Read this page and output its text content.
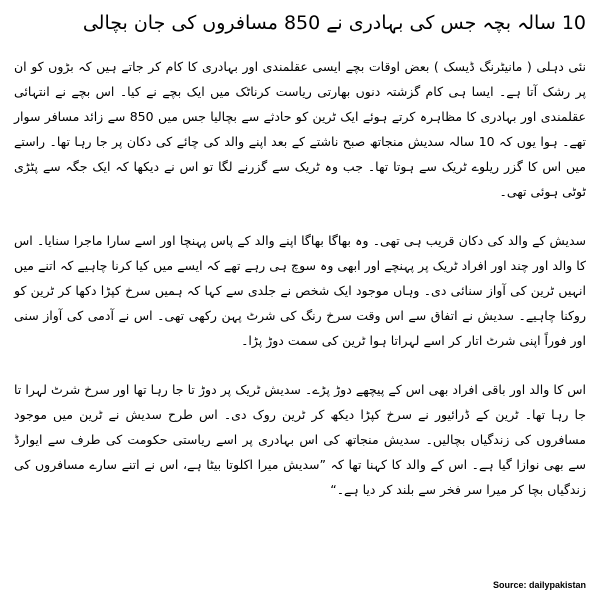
10 سالہ بچہ جس کی بہادری نے 850 مسافروں کی جان بچالی

نئی دہلی ( مانیٹرنگ ڈیسک ) بعض اوقات بچے ایسی عقلمندی اور بہادری کا کام کر جاتے ہیں کہ بڑوں کو ان پر رشک آتا ہے۔ ایسا ہی کام گزشتہ دنوں بھارتی ریاست کرناٹک میں ایک بچے نے کیا۔ اس بچے نے انتہائی عقلمندی اور بہادری کا مظاہرہ کرتے ہوئے ایک ٹرین کو حادثے سے بچالیا جس میں 850 سے زائد مسافر سوار تھے۔ ہوا یوں کہ 10 سالہ سدیش منجاتھ صبح ناشتے کے بعد اپنے والد کی چائے کی دکان پر جا رہا تھا۔ راستے میں اس کا گزر ریلوے ٹریک سے ہوتا تھا۔ جب وہ ٹریک سے گزرنے لگا تو اس نے دیکھا کہ ایک جگہ سے پٹڑی ٹوٹی ہوئی تھی۔

سدیش کے والد کی دکان قریب ہی تھی۔ وہ بھاگا بھاگا اپنے والد کے پاس پہنچا اور اسے سارا ماجرا سنایا۔ اس کا والد اور چند اور افراد ٹریک پر پہنچے اور ابھی وہ سوچ ہی رہے تھے کہ ایسے میں کیا کرنا چاہیے کہ اتنے میں انہیں ٹرین کی آواز سنائی دی۔ وہاں موجود ایک شخص نے جلدی سے کہا کہ ہمیں سرخ کپڑا دکھا کر ٹرین کو روکنا چاہیے۔ سدیش نے اتفاق سے اس وقت سرخ رنگ کی شرٹ پہن رکھی تھی۔ اس نے آدمی کی آواز سنی اور فوراً اپنی شرٹ اتار کر اسے لہراتا ہوا ٹرین کی سمت دوڑ پڑا۔

اس کا والد اور باقی افراد بھی اس کے پیچھے دوڑ پڑے۔ سدیش ٹریک پر دوڑ تا جا رہا تھا اور سرخ شرٹ لہرا تا جا رہا تھا۔ ٹرین کے ڈرائیور نے سرخ کپڑا دیکھ کر ٹرین روک دی۔ اس طرح سدیش نے ٹرین میں موجود مسافروں کی زندگیاں بچالیں۔ سدیش منجاتھ کی اس بہادری پر اسے ریاستی حکومت کی طرف سے ایوارڈ سے بھی نوازا گیا ہے۔ اس کے والد کا کہنا تھا کہ ”سدیش میرا اکلوتا بیٹا ہے، اس نے اتنے سارے مسافروں کی زندگیاں بچا کر میرا سر فخر سے بلند کر دیا ہے۔“

Source: dailypakistan
